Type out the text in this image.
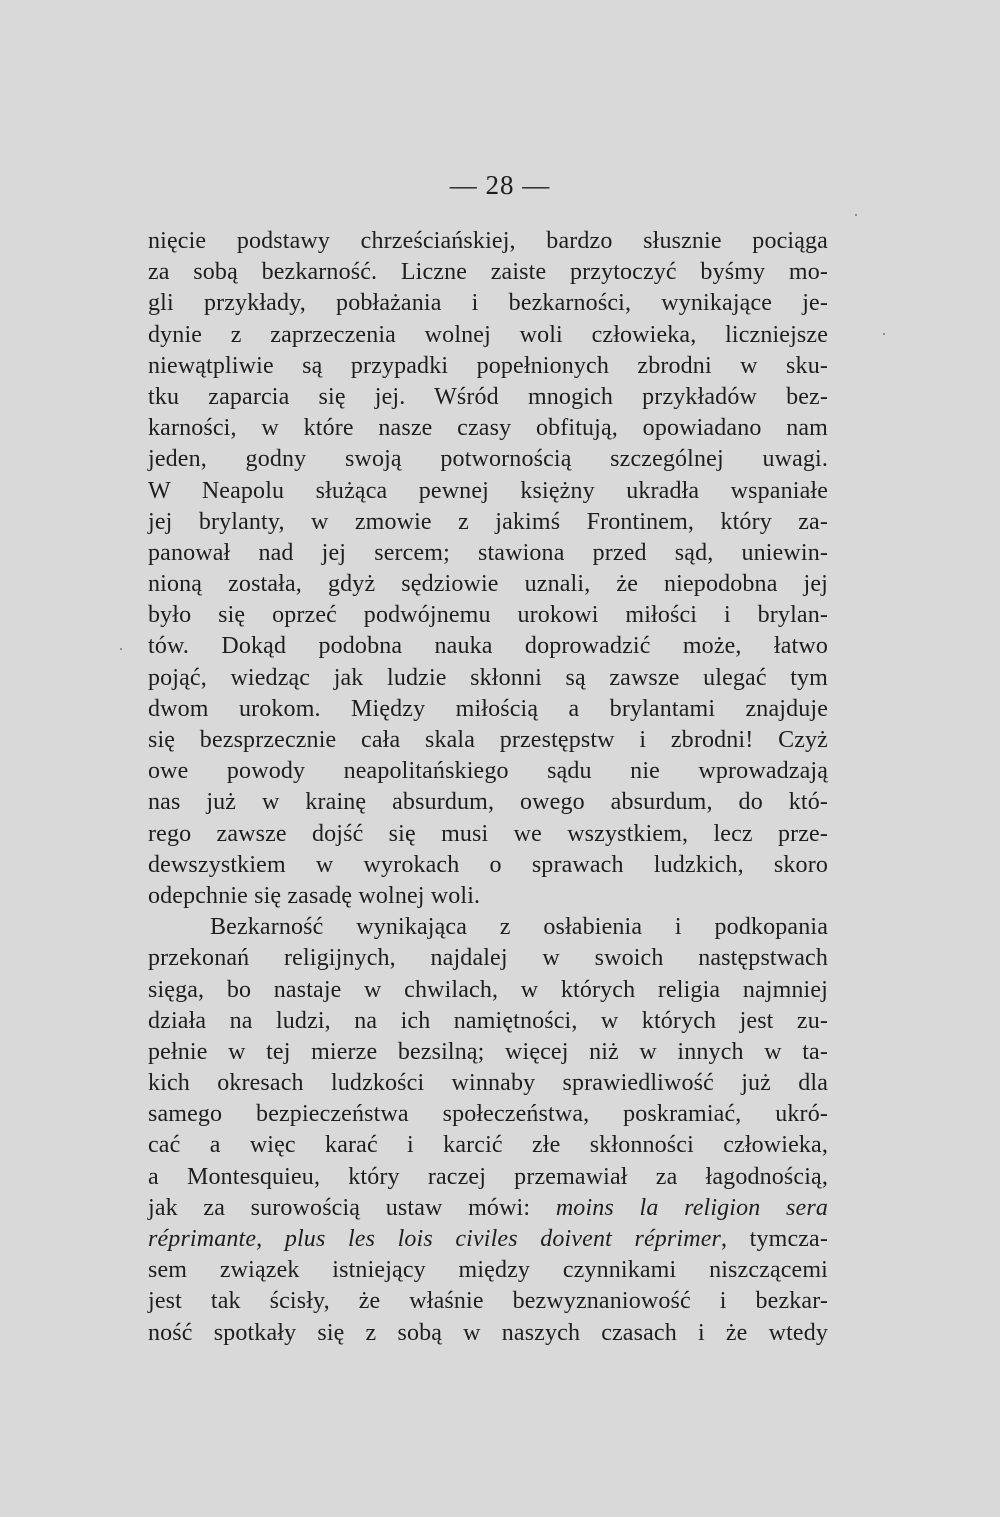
— 28 —
nięcie podstawy chrześciańskiej, bardzo słusznie pociąga
za sobą bezkarność. Liczne zaiste przytoczyć byśmy mo-
gli przykłady, pobłażania i bezkarności, wynikające je-
dynie z zaprzeczenia wolnej woli człowieka, liczniejsze
niewątpliwie są przypadki popełnionych zbrodni w sku-
tku zaparcia się jej. Wśród mnogich przykładów bez-
karności, w które nasze czasy obfitują, opowiadano nam
jeden, godny swoją potwornością szczególnej uwagi.
W Neapolu służąca pewnej księżny ukradła wspaniałe
jej brylanty, w zmowie z jakimś Frontinem, który za-
panował nad jej sercem; stawiona przed sąd, uniewin-
nioną została, gdyż sędziowie uznali, że niepodobna jej
było się oprzeć podwójnemu urokowi miłości i brylan-
tów. Dokąd podobna nauka doprowadzić może, łatwo
pojąć, wiedząc jak ludzie skłonni są zawsze ulegać tym
dwom urokom. Między miłością a brylantami znajduje
się bezsprzecznie cała skala przestępstw i zbrodni! Czyż
owe powody neapolitańskiego sądu nie wprowadzają
nas już w krainę absurdum, owego absurdum, do któ-
rego zawsze dojść się musi we wszystkiem, lecz prze-
dewszystkiem w wyrokach o sprawach ludzkich, skoro
odepchnie się zasadę wolnej woli.
Bezkarność wynikająca z osłabienia i podkopania
przekonań religijnych, najdalej w swoich następstwach
sięga, bo nastaje w chwilach, w których religia najmniej
działa na ludzi, na ich namiętności, w których jest zu-
pełnie w tej mierze bezsilną; więcej niż w innych w ta-
kich okresach ludzkości winnaby sprawiedliwość już dla
samego bezpieczeństwa społeczeństwa, poskramiać, ukró-
cać a więc karać i karcić złe skłonności człowieka,
a Montesquieu, który raczej przemawiał za łagodnością,
jak za surowością ustaw mówi: moins la religion sera
réprimante, plus les lois civiles doivent réprimer, tymcza-
sem związek istniejący między czynnikami niszczącemi
jest tak ścisły, że właśnie bezwyznaniowość i bezkar-
ność spotkały się z sobą w naszych czasach i że wtedy
